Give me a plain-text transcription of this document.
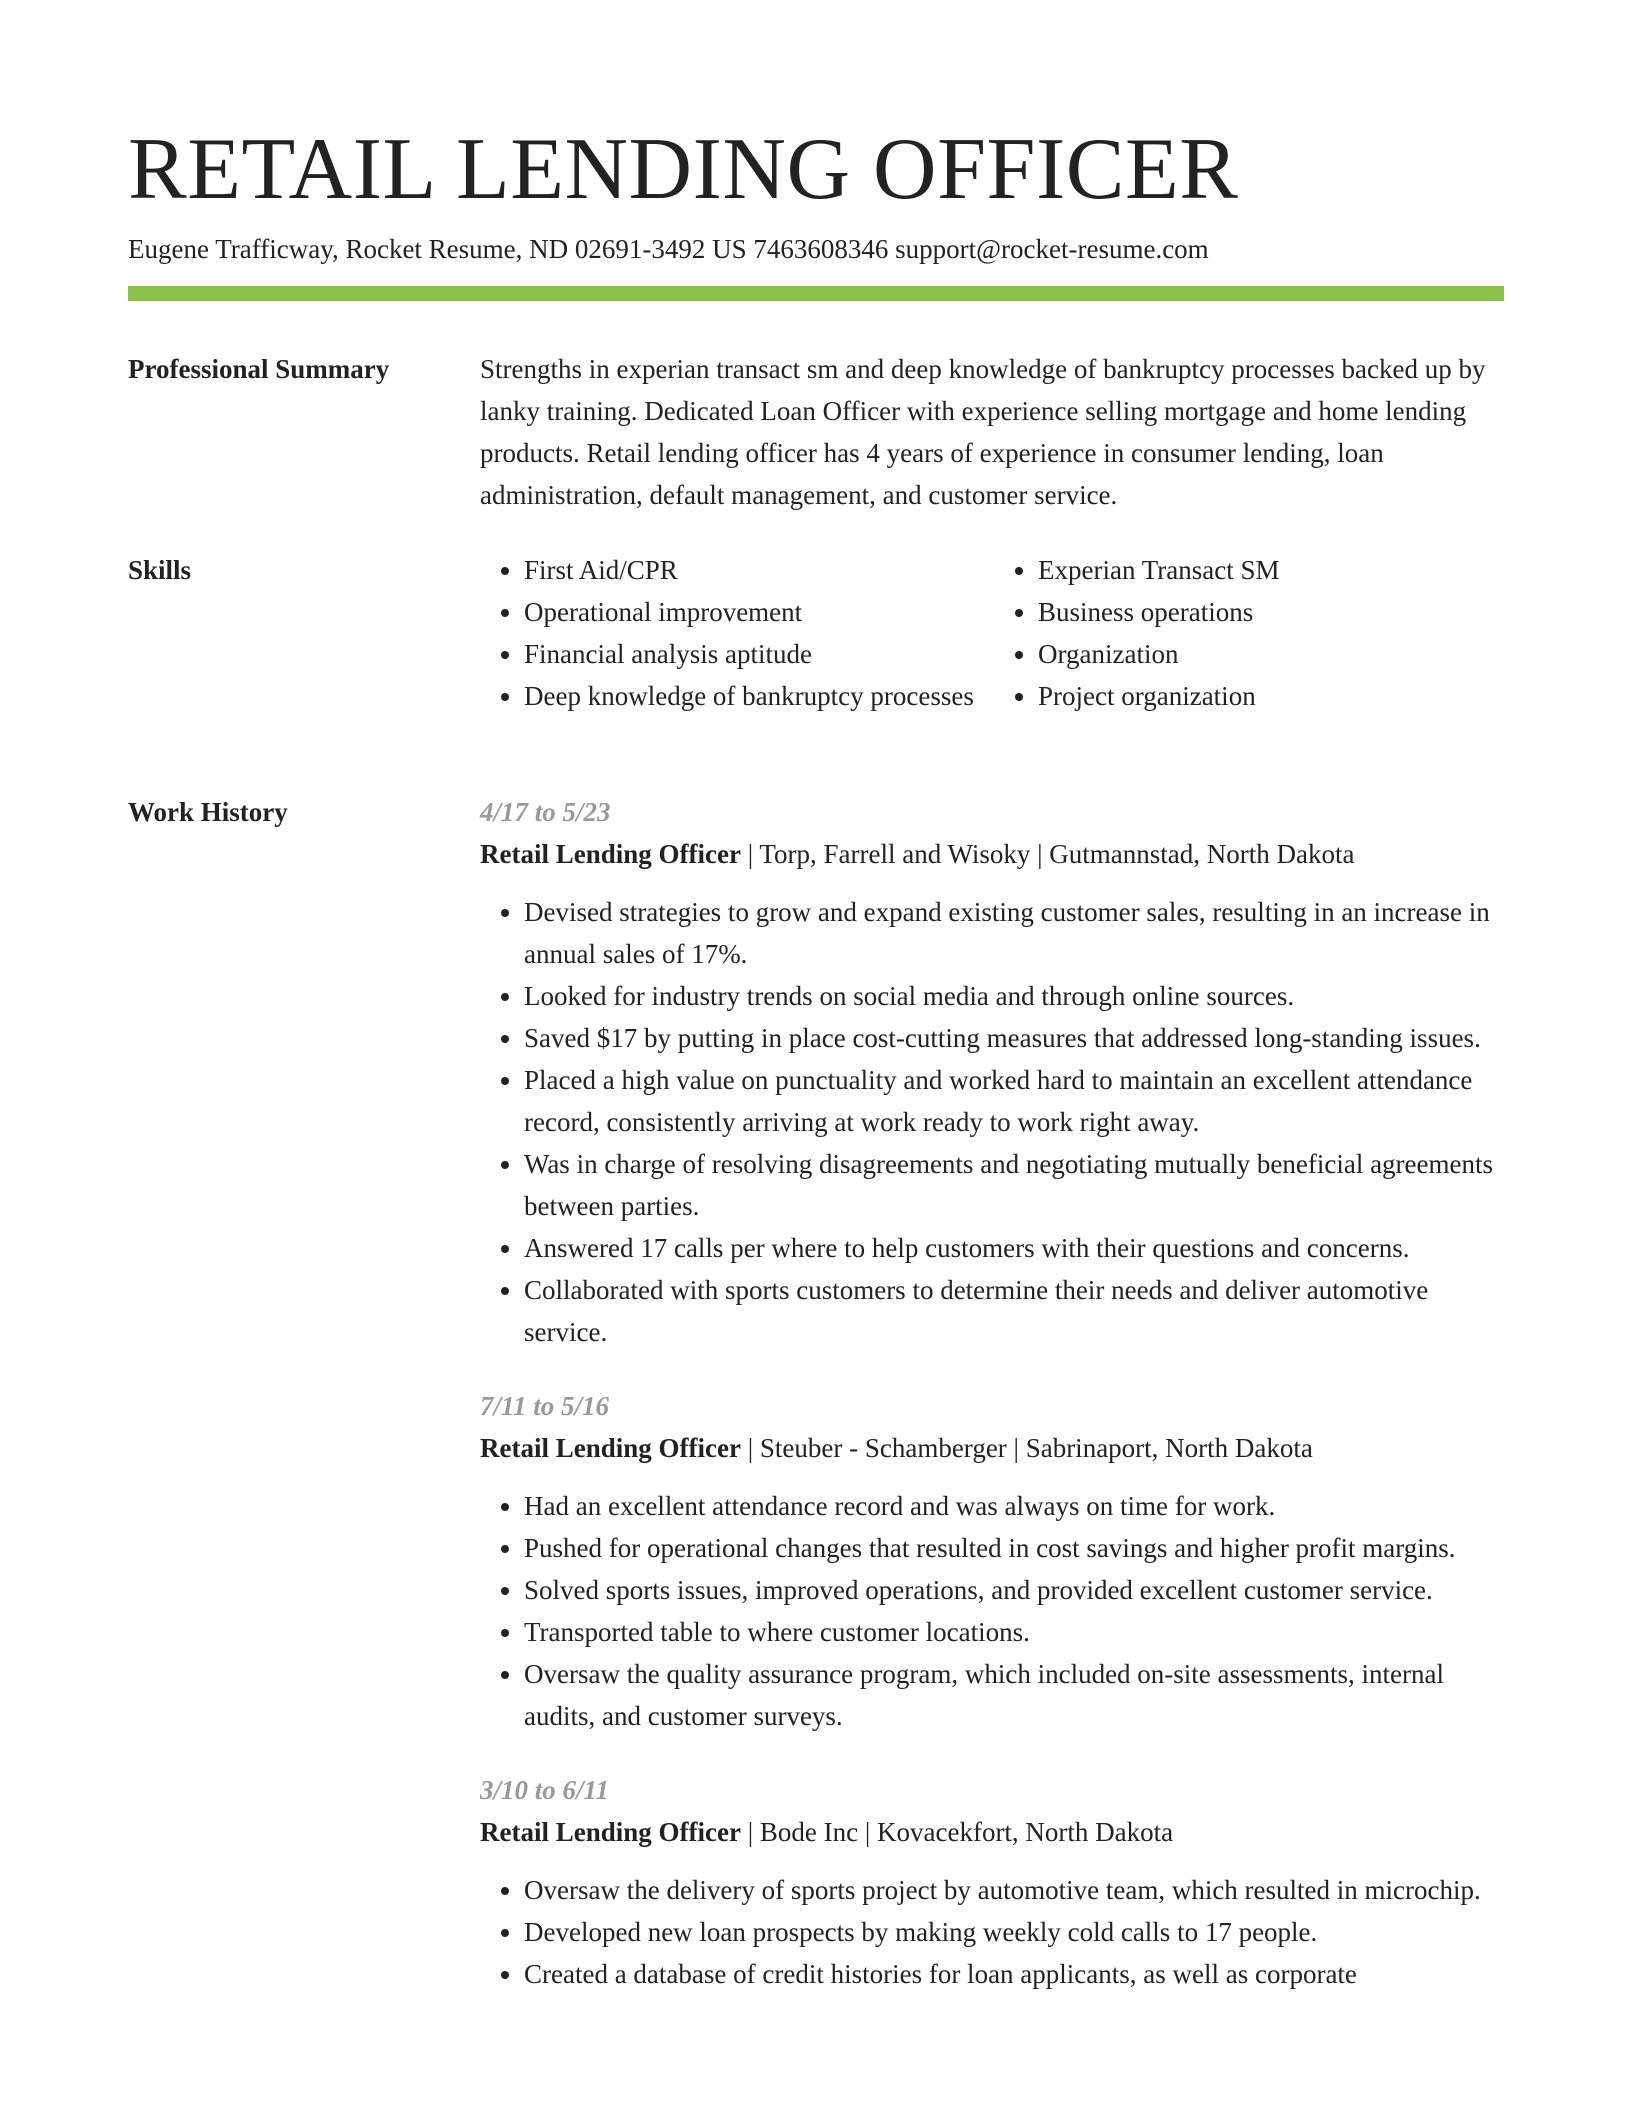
RETAIL LENDING OFFICER
Eugene Trafficway, Rocket Resume, ND 02691-3492 US 7463608346 support@rocket-resume.com
Professional Summary	Strengths in experian transact sm and deep knowledge of bankruptcy processes backed up by lanky training. Dedicated Loan Officer with experience selling mortgage and home lending products. Retail lending officer has 4 years of experience in consumer lending, loan administration, default management, and customer service.

Skills
•	First Aid/CPR
• Operational improvement
• Financial analysis aptitude
• Deep knowledge of bankruptcy processes
• Experian Transact SM
• Business operations
• Organization
• Project organization
Work History	4/17 to 5/23
Retail Lending Officer | Torp, Farrell and Wisoky | Gutmannstad, North Dakota
• Devised strategies to grow and expand existing customer sales, resulting in an increase in annual sales of 17%.
• Looked for industry trends on social media and through online sources.
• Saved $17 by putting in place cost-cutting measures that addressed long-standing issues.
• Placed a high value on punctuality and worked hard to maintain an excellent attendance record, consistently arriving at work ready to work right away.
• Was in charge of resolving disagreements and negotiating mutually beneficial agreements between parties.
• Answered 17 calls per where to help customers with their questions and concerns.
• Collaborated with sports customers to determine their needs and deliver automotive service.
7/11 to 5/16
Retail Lending Officer | Steuber - Schamberger | Sabrinaport, North Dakota
• Had an excellent attendance record and was always on time for work.
• Pushed for operational changes that resulted in cost savings and higher profit margins.
• Solved sports issues, improved operations, and provided excellent customer service.
• Transported table to where customer locations.
• Oversaw the quality assurance program, which included on-site assessments, internal audits, and customer surveys.
3/10 to 6/11
Retail Lending Officer | Bode Inc | Kovacekfort, North Dakota
• Oversaw the delivery of sports project by automotive team, which resulted in microchip.
• Developed new loan prospects by making weekly cold calls to 17 people.
• Created a database of credit histories for loan applicants, as well as corporate
